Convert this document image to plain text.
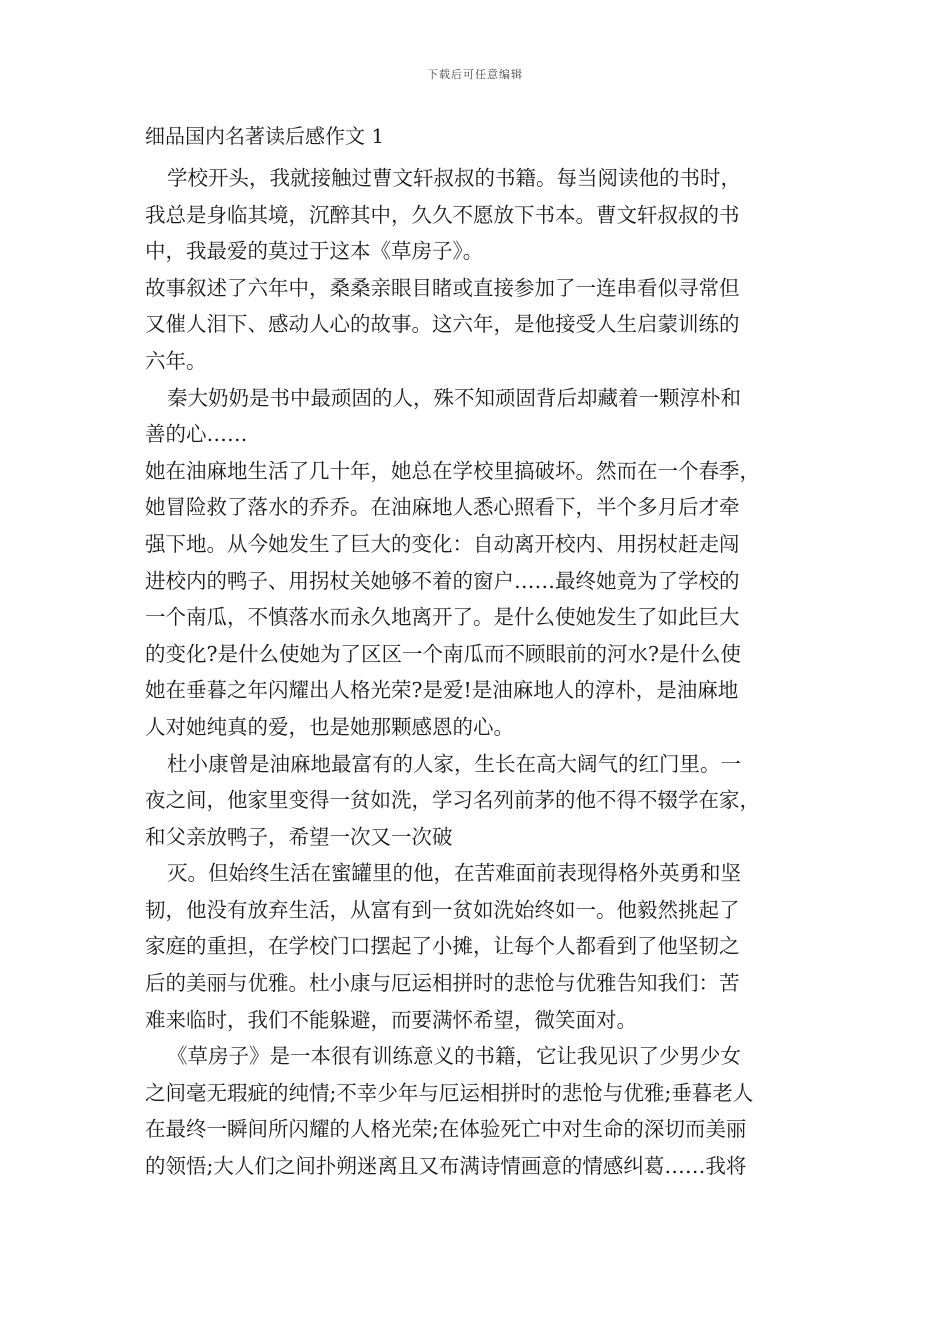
下载后可任意编辑
细品国内名著读后感作文 1
学校开头，我就接触过曹文轩叔叔的书籍。每当阅读他的书时，
我总是身临其境，沉醉其中，久久不愿放下书本。曹文轩叔叔的书
中，我最爱的莫过于这本《草房子》。
故事叙述了六年中，桑桑亲眼目睹或直接参加了一连串看似寻常但
又催人泪下、感动人心的故事。这六年，是他接受人生启蒙训练的
六年。
秦大奶奶是书中最顽固的人，殊不知顽固背后却藏着一颗淳朴和
善的心……
她在油麻地生活了几十年，她总在学校里搞破坏。然而在一个春季，
她冒险救了落水的乔乔。在油麻地人悉心照看下，半个多月后才牵
强下地。从今她发生了巨大的变化：自动离开校内、用拐杖赶走闯
进校内的鸭子、用拐杖关她够不着的窗户……最终她竟为了学校的
一个南瓜，不慎落水而永久地离开了。是什么使她发生了如此巨大
的变化?是什么使她为了区区一个南瓜而不顾眼前的河水?是什么使
她在垂暮之年闪耀出人格光荣?是爱!是油麻地人的淳朴，是油麻地
人对她纯真的爱，也是她那颗感恩的心。
杜小康曾是油麻地最富有的人家，生长在高大阔气的红门里。一
夜之间，他家里变得一贫如洗，学习名列前茅的他不得不辍学在家，
和父亲放鸭子，希望一次又一次破
灭。但始终生活在蜜罐里的他，在苦难面前表现得格外英勇和坚
韧，他没有放弃生活，从富有到一贫如洗始终如一。他毅然挑起了
家庭的重担，在学校门口摆起了小摊，让每个人都看到了他坚韧之
后的美丽与优雅。杜小康与厄运相拼时的悲怆与优雅告知我们：苦
难来临时，我们不能躲避，而要满怀希望，微笑面对。
《草房子》是一本很有训练意义的书籍，它让我见识了少男少女
之间毫无瑕疵的纯情;不幸少年与厄运相拼时的悲怆与优雅;垂暮老人
在最终一瞬间所闪耀的人格光荣;在体验死亡中对生命的深切而美丽
的领悟;大人们之间扑朔迷离且又布满诗情画意的情感纠葛……我将
